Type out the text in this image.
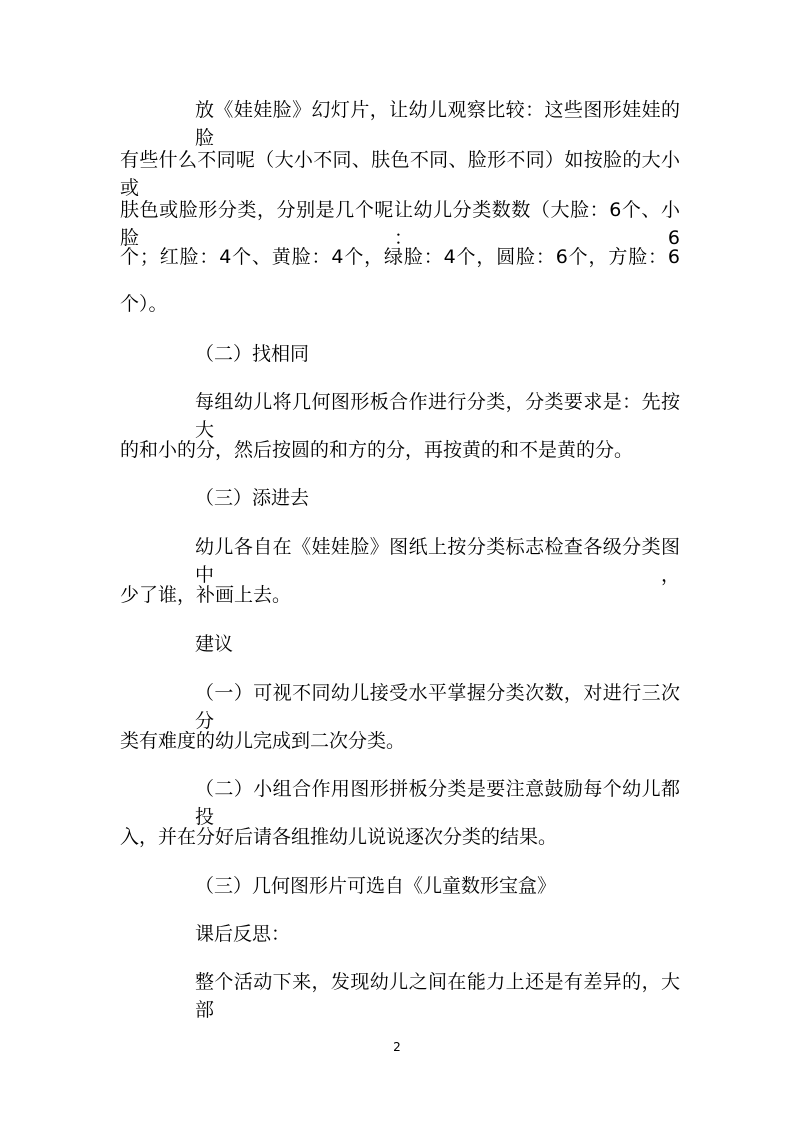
放《娃娃脸》幻灯片，让幼儿观察比较：这些图形娃娃的脸
有些什么不同呢（大小不同、肤色不同、脸形不同）如按脸的大小或
肤色或脸形分类，分别是几个呢让幼儿分类数数（大脸：6个、小脸：6
个；红脸：4个、黄脸：4个，绿脸：4个，圆脸：6个，方脸：6
个）。
（二）找相同
每组幼儿将几何图形板合作进行分类，分类要求是：先按大
的和小的分，然后按圆的和方的分，再按黄的和不是黄的分。
（三）添进去
幼儿各自在《娃娃脸》图纸上按分类标志检查各级分类图中，
少了谁，补画上去。
建议
（一）可视不同幼儿接受水平掌握分类次数，对进行三次分
类有难度的幼儿完成到二次分类。
（二）小组合作用图形拼板分类是要注意鼓励每个幼儿都投
入，并在分好后请各组推幼儿说说逐次分类的结果。
（三）几何图形片可选自《儿童数形宝盒》
课后反思：
整个活动下来，发现幼儿之间在能力上还是有差异的，大部
2
